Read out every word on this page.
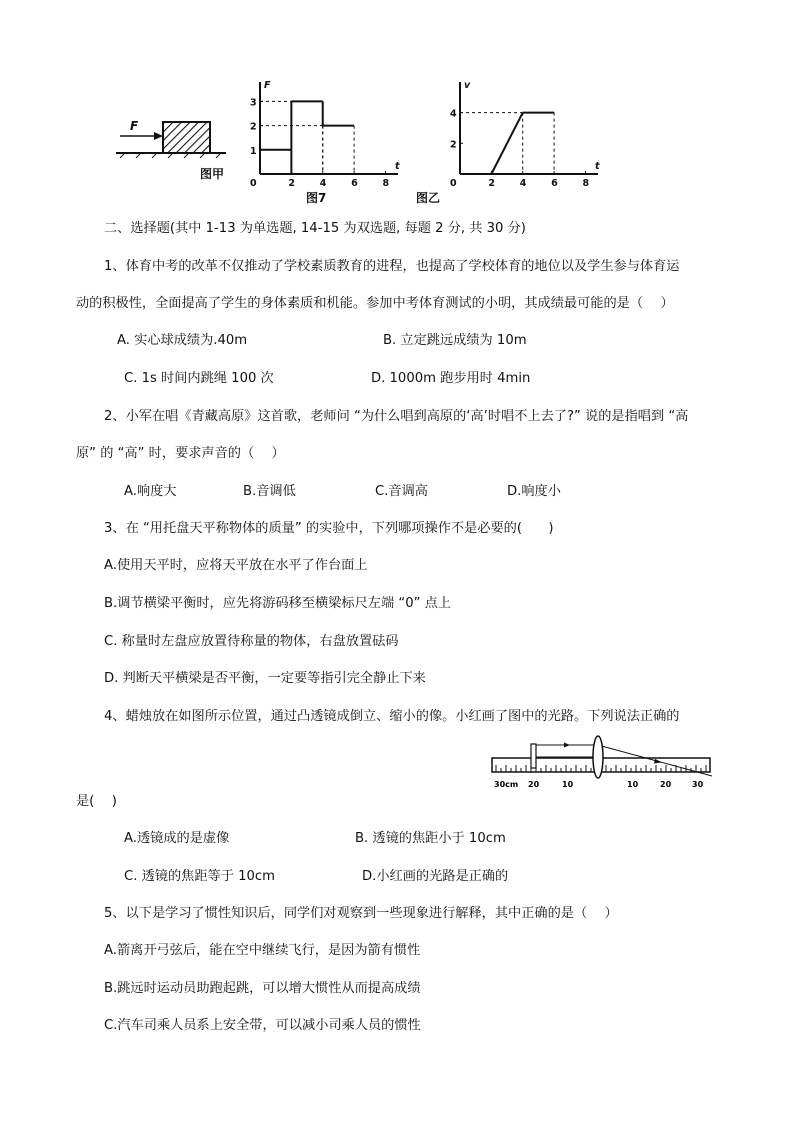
F
图甲
F
t
0	2	4	6	8
1
2
3
图7
v
t
0	2	4	6	8
2
4
图乙
二、选择题(其中 1-13 为单选题, 14-15 为双选题, 每题 2 分, 共 30 分)
1、体育中考的改革不仅推动了学校素质教育的进程，也提高了学校体育的地位以及学生参与体育运
动的积极性，全面提高了学生的身体素质和机能。参加中考体育测试的小明，其成绩最可能的是（　 ）
A. 实心球成绩为.40m	B. 立定跳远成绩为 10m
C. 1s 时间内跳绳 100 次	D. 1000m 跑步用时 4min
2、小军在唱《青藏高原》这首歌，老师问 “为什么唱到高原的‘高’时唱不上去了?” 说的是指唱到 “高
原” 的 “高” 时，要求声音的（　 ）
A.响度大	B.音调低	C.音调高	D.响度小
3、在 “用托盘天平称物体的质量” 的实验中，下列哪项操作不是必要的(　　)
A.使用天平时，应将天平放在水平了作台面上
B.调节横梁平衡时，应先将游码移至横梁标尺左端 “0” 点上
C. 称量时左盘应放置待称量的物体，右盘放置砝码
D. 判断天平横梁是否平衡，一定要等指引完全静止下来
4、蜡烛放在如图所示位置，通过凸透镜成倒立、缩小的像。小红画了图中的光路。下列说法正确的
30cm 20	10	10	20	30
是(　 )
A.透镜成的是虚像	B. 透镜的焦距小于 10cm
C. 透镜的焦距等于 10cm	D.小红画的光路是正确的
5、以下是学习了惯性知识后，同学们对观察到一些现象进行解释，其中正确的是（　 ）
A.箭离开弓弦后，能在空中继续飞行，是因为箭有惯性
B.跳远时运动员助跑起跳，可以增大惯性从而提高成绩
C.汽车司乘人员系上安全带，可以减小司乘人员的惯性
